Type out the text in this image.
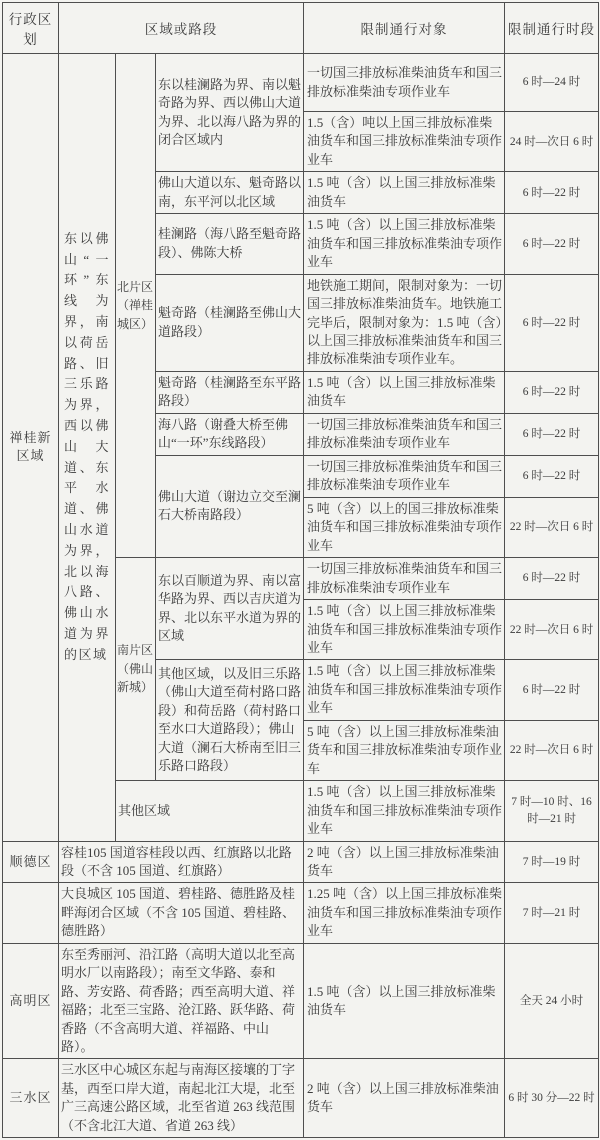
行政区划	区域或路段			限制通行对象	限制通行时段
禅桂新区域	东以佛山“一环”东线为界，南以荷岳路、旧三乐路为界，西以佛山大道、东平水道、佛山水道为界，北以海八路、佛山水道为界的区域	北片区（禅桂城区）	东以桂澜路为界、南以魁奇路为界、西以佛山大道为界、北以海八路为界的闭合区域内	一切国三排放标准柴油货车和国三排放标准柴油专项作业车	6 时—24 时
				1.5（含）吨以上国三排放标准柴油货车和国三排放标准柴油专项作业车	24 时—次日 6 时
			佛山大道以东、魁奇路以南，东平河以北区域	1.5 吨（含）以上国三排放标准柴油货车	6 时—22 时
			桂澜路（海八路至魁奇路段）、佛陈大桥	1.5 吨（含）以上国三排放标准柴油货车和国三排放标准柴油专项作业车	6 时—22 时
			魁奇路（桂澜路至佛山大道路段）	地铁施工期间，限制对象为：一切国三排放标准柴油货车。地铁施工完毕后，限制对象为：1.5 吨（含）以上国三排放标准柴油货车和国三排放标准柴油专项作业车。	6 时—22 时
			魁奇路（桂澜路至东平路路段）	1.5 吨（含）以上国三排放标准柴油货车	6 时—22 时
			海八路（谢叠大桥至佛山“一环”东线路段）	一切国三排放标准柴油货车和国三排放标准柴油专项作业车	6 时—22 时
			佛山大道（谢边立交至澜石大桥南路段）	一切国三排放标准柴油货车和国三排放标准柴油专项作业车	6 时—22 时
				5 吨（含）以上的国三排放标准柴油货车和国三排放标准柴油专项作业车	22 时—次日 6 时
		南片区（佛山新城）	东以百顺道为界、南以富华路为界、西以吉庆道为界、北以东平水道为界的区域	一切国三排放标准柴油货车和国三排放标准柴油专项作业车	6 时—22 时
				1.5 吨（含）以上国三排放标准柴油货车和国三排放标准柴油专项作业车	22 时—次日 6 时
			其他区域，以及旧三乐路（佛山大道至荷村路口路段）和荷岳路（荷村路口至水口大道路段）；佛山大道（澜石大桥南至旧三乐路口路段）	1.5 吨（含）以上国三排放标准柴油货车和国三排放标准柴油专项作业车	6 时—22 时
				5 吨（含）以上国三排放标准柴油货车和国三排放标准柴油专项作业车	22 时—次日 6 时
		其他区域		1.5 吨（含）以上国三排放标准柴油货车和国三排放标准柴油专项作业车	7 时—10 时、16 时—21 时
顺德区	容桂105 国道容桂段以西、红旗路以北路段（不含 105 国道、红旗路）			2 吨（含）以上国三排放标准柴油货车	7 时—19 时
	大良城区 105 国道、碧桂路、德胜路及桂畔海闭合区域（不含 105 国道、碧桂路、德胜路）			1.25 吨（含）以上国三排放标准柴油货车和国三排放标准柴油专项作业车	7 时—21 时
高明区	东至秀丽河、沿江路（高明大道以北至高明水厂以南路段）；南至文华路、泰和路、芳安路、荷香路；西至高明大道、祥福路；北至三宝路、沧江路、跃华路、荷香路（不含高明大道、祥福路、中山路）。			1.5 吨（含）以上国三排放标准柴油货车	全天 24 小时
三水区	三水区中心城区东起与南海区接壤的丁字基，西至口岸大道，南起北江大堤，北至广三高速公路区域，北至省道 263 线范围（不含北江大道、省道 263 线）			2 吨（含）以上国三排放标准柴油货车	6 时 30 分—22 时
